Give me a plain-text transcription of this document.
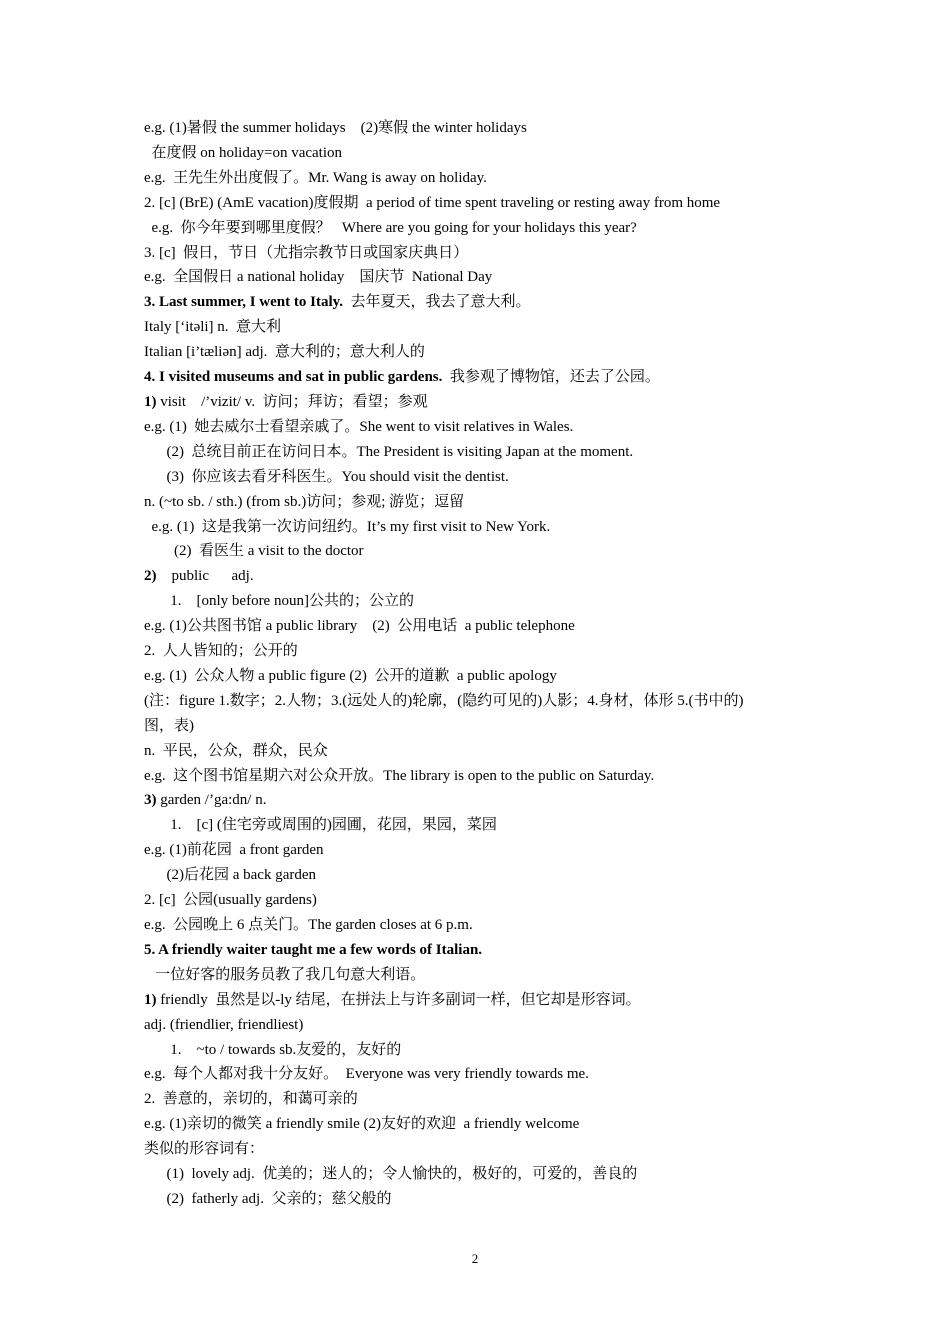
e.g. (1)暑假 the summer holidays    (2)寒假 the winter holidays

在度假 on holiday=on vacation

e.g.  王先生外出度假了。Mr. Wang is away on holiday.

2. [c] (BrE) (AmE vacation)度假期  a period of time spent traveling or resting away from home

e.g.  你今年要到哪里度假？   Where are you going for your holidays this year?

3. [c]  假日，节日（尤指宗教节日或国家庆典日）

e.g.  全国假日 a national holiday    国庆节  National Day

3. Last summer, I went to Italy.  去年夏天，我去了意大利。

Italy [‘itəli] n.  意大利

Italian [i’tæliən] adj.  意大利的；意大利人的

4. I visited museums and sat in public gardens.  我参观了博物馆，还去了公园。

1) visit    /’vizit/ v.  访问；拜访；看望；参观

e.g. (1)  她去威尔士看望亲戚了。She went to visit relatives in Wales.

(2)  总统目前正在访问日本。The President is visiting Japan at the moment.

(3)  你应该去看牙科医生。You should visit the dentist.

n. (~to sb. / sth.) (from sb.)访问；参观; 游览；逗留

e.g. (1)  这是我第一次访问纽约。It’s my first visit to New York.

(2)  看医生 a visit to the doctor

2)    public      adj.

1.    [only before noun]公共的；公立的

e.g. (1)公共图书馆 a public library    (2)  公用电话  a public telephone

2.  人人皆知的；公开的

e.g. (1)  公众人物 a public figure (2)  公开的道歉  a public apology

(注：figure 1.数字；2.人物；3.(远处人的)轮廓，(隐约可见的)人影；4.身材，体形 5.(书中的)

图，表)

n.  平民，公众，群众，民众

e.g.  这个图书馆星期六对公众开放。The library is open to the public on Saturday.

3) garden /’ga:dn/ n.

1.    [c] (住宅旁或周围的)园圃，花园，果园，菜园

e.g. (1)前花园  a front garden

(2)后花园 a back garden

2. [c]  公园(usually gardens)

e.g.  公园晚上 6 点关门。The garden closes at 6 p.m.

5. A friendly waiter taught me a few words of Italian.

一位好客的服务员教了我几句意大利语。

1) friendly  虽然是以-ly 结尾，在拼法上与许多副词一样，但它却是形容词。

adj. (friendlier, friendliest)

1.    ~to / towards sb.友爱的，友好的

e.g.  每个人都对我十分友好。  Everyone was very friendly towards me.

2.  善意的，亲切的，和蔼可亲的

e.g. (1)亲切的微笑 a friendly smile (2)友好的欢迎  a friendly welcome

类似的形容词有：

(1)  lovely adj.  优美的；迷人的；令人愉快的，极好的，可爱的，善良的

(2)  fatherly adj.  父亲的；慈父般的

2
